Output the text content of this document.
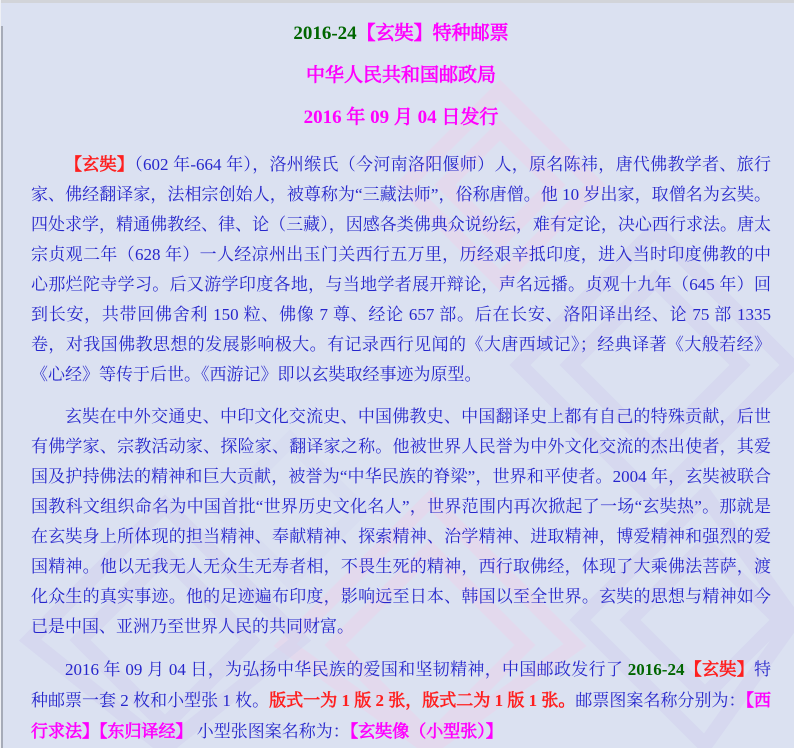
2016-24【玄奘】特种邮票
中华人民共和国邮政局
2016 年 09 月 04 日发行

【玄奘】（602 年-664 年），洛州缑氏（今河南洛阳偃师）人，原名陈祎，唐代佛教学者、旅行家、佛经翻译家，法相宗创始人，被尊称为“三藏法师”，俗称唐僧。他 10 岁出家，取僧名为玄奘。四处求学，精通佛教经、律、论（三藏），因感各类佛典众说纷纭，难有定论，决心西行求法。唐太宗贞观二年（628 年）一人经凉州出玉门关西行五万里，历经艰辛抵印度，进入当时印度佛教的中心那烂陀寺学习。后又游学印度各地，与当地学者展开辩论，声名远播。贞观十九年（645 年）回到长安，共带回佛舍利 150 粒、佛像 7 尊、经论 657 部。后在长安、洛阳译出经、论 75 部 1335 卷，对我国佛教思想的发展影响极大。有记录西行见闻的《大唐西域记》；经典译著《大般若经》《心经》等传于后世。《西游记》即以玄奘取经事迹为原型。

玄奘在中外交通史、中印文化交流史、中国佛教史、中国翻译史上都有自己的特殊贡献，后世有佛学家、宗教活动家、探险家、翻译家之称。他被世界人民誉为中外文化交流的杰出使者，其爱国及护持佛法的精神和巨大贡献，被誉为“中华民族的脊梁”，世界和平使者。2004 年，玄奘被联合国教科文组织命名为中国首批“世界历史文化名人”，世界范围内再次掀起了一场“玄奘热”。那就是在玄奘身上所体现的担当精神、奉献精神、探索精神、治学精神、进取精神，博爱精神和强烈的爱国精神。他以无我无人无众生无寿者相，不畏生死的精神，西行取佛经，体现了大乘佛法菩萨，渡化众生的真实事迹。他的足迹遍布印度，影响远至日本、韩国以至全世界。玄奘的思想与精神如今已是中国、亚洲乃至世界人民的共同财富。

2016 年 09 月 04 日，为弘扬中华民族的爱国和坚韧精神，中国邮政发行了 2016-24【玄奘】特种邮票一套 2 枚和小型张 1 枚。版式一为 1 版 2 张，版式二为 1 版 1 张。邮票图案名称分别为：【西行求法】【东归译经】 小型张图案名称为：【玄奘像（小型张）】
